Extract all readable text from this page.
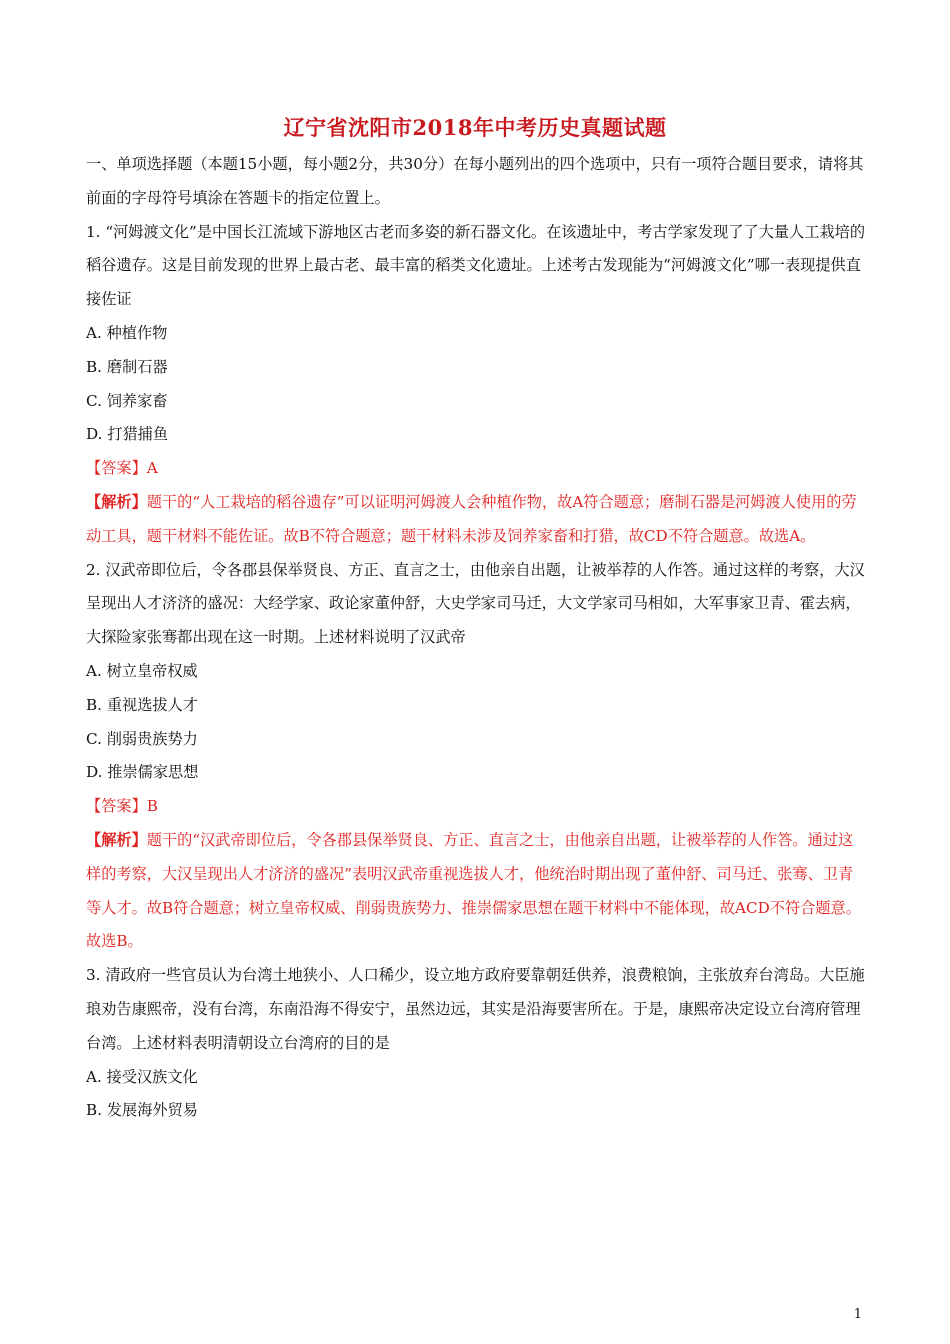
辽宁省沈阳市2018年中考历史真题试题

一、单项选择题（本题15小题，每小题2分，共30分）在每小题列出的四个选项中，只有一项符合题目要求，请将其前面的字母符号填涂在答题卡的指定位置上。

1. “河姆渡文化”是中国长江流域下游地区古老而多姿的新石器文化。在该遗址中，考古学家发现了了大量人工栽培的稻谷遗存。这是目前发现的世界上最古老、最丰富的稻类文化遗址。上述考古发现能为“河姆渡文化”哪一表现提供直接佐证

A. 种植作物
B. 磨制石器
C. 饲养家畜
D. 打猎捕鱼

【答案】A

【解析】题干的“人工栽培的稻谷遗存”可以证明河姆渡人会种植作物，故A符合题意；磨制石器是河姆渡人使用的劳动工具，题干材料不能佐证。故B不符合题意；题干材料未涉及饲养家畜和打猎，故CD不符合题意。故选A。

2. 汉武帝即位后，令各郡县保举贤良、方正、直言之士，由他亲自出题，让被举荐的人作答。通过这样的考察，大汉呈现出人才济济的盛况：大经学家、政论家董仲舒，大史学家司马迁，大文学家司马相如，大军事家卫青、霍去病，大探险家张骞都出现在这一时期。上述材料说明了汉武帝

A. 树立皇帝权威
B. 重视选拔人才
C. 削弱贵族势力
D. 推崇儒家思想

【答案】B

【解析】题干的“汉武帝即位后，令各郡县保举贤良、方正、直言之士，由他亲自出题，让被举荐的人作答。通过这样的考察，大汉呈现出人才济济的盛况”表明汉武帝重视选拔人才，他统治时期出现了董仲舒、司马迁、张骞、卫青等人才。故B符合题意；树立皇帝权威、削弱贵族势力、推崇儒家思想在题干材料中不能体现，故ACD不符合题意。故选B。

3. 清政府一些官员认为台湾土地狭小、人口稀少，设立地方政府要靠朝廷供养，浪费粮饷，主张放弃台湾岛。大臣施琅劝告康熙帝，没有台湾，东南沿海不得安宁，虽然边远，其实是沿海要害所在。于是，康熙帝决定设立台湾府管理台湾。上述材料表明清朝设立台湾府的目的是

A. 接受汉族文化
B. 发展海外贸易
1
